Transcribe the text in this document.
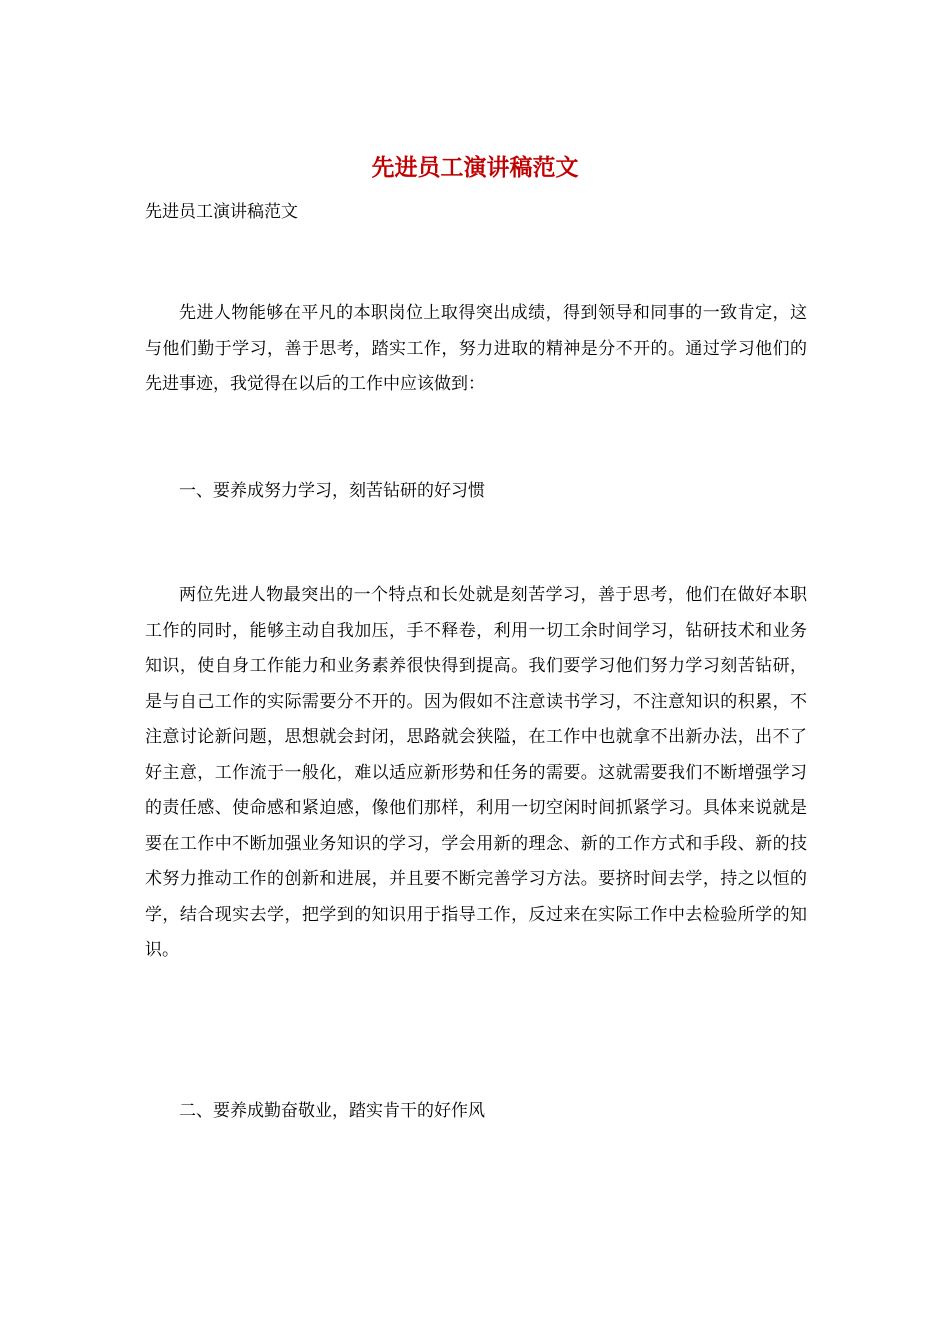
先进员工演讲稿范文
先进员工演讲稿范文

先进人物能够在平凡的本职岗位上取得突出成绩，得到领导和同事的一致肯定，这与他们勤于学习，善于思考，踏实工作，努力进取的精神是分不开的。通过学习他们的先进事迹，我觉得在以后的工作中应该做到：

一、要养成努力学习，刻苦钻研的好习惯

两位先进人物最突出的一个特点和长处就是刻苦学习，善于思考，他们在做好本职工作的同时，能够主动自我加压，手不释卷，利用一切工余时间学习，钻研技术和业务知识，使自身工作能力和业务素养很快得到提高。我们要学习他们努力学习刻苦钻研，是与自己工作的实际需要分不开的。因为假如不注意读书学习，不注意知识的积累，不注意讨论新问题，思想就会封闭，思路就会狭隘，在工作中也就拿不出新办法，出不了好主意，工作流于一般化，难以适应新形势和任务的需要。这就需要我们不断增强学习的责任感、使命感和紧迫感，像他们那样，利用一切空闲时间抓紧学习。具体来说就是要在工作中不断加强业务知识的学习，学会用新的理念、新的工作方式和手段、新的技术努力推动工作的创新和进展，并且要不断完善学习方法。要挤时间去学，持之以恒的学，结合现实去学，把学到的知识用于指导工作，反过来在实际工作中去检验所学的知识。

二、要养成勤奋敬业，踏实肯干的好作风
